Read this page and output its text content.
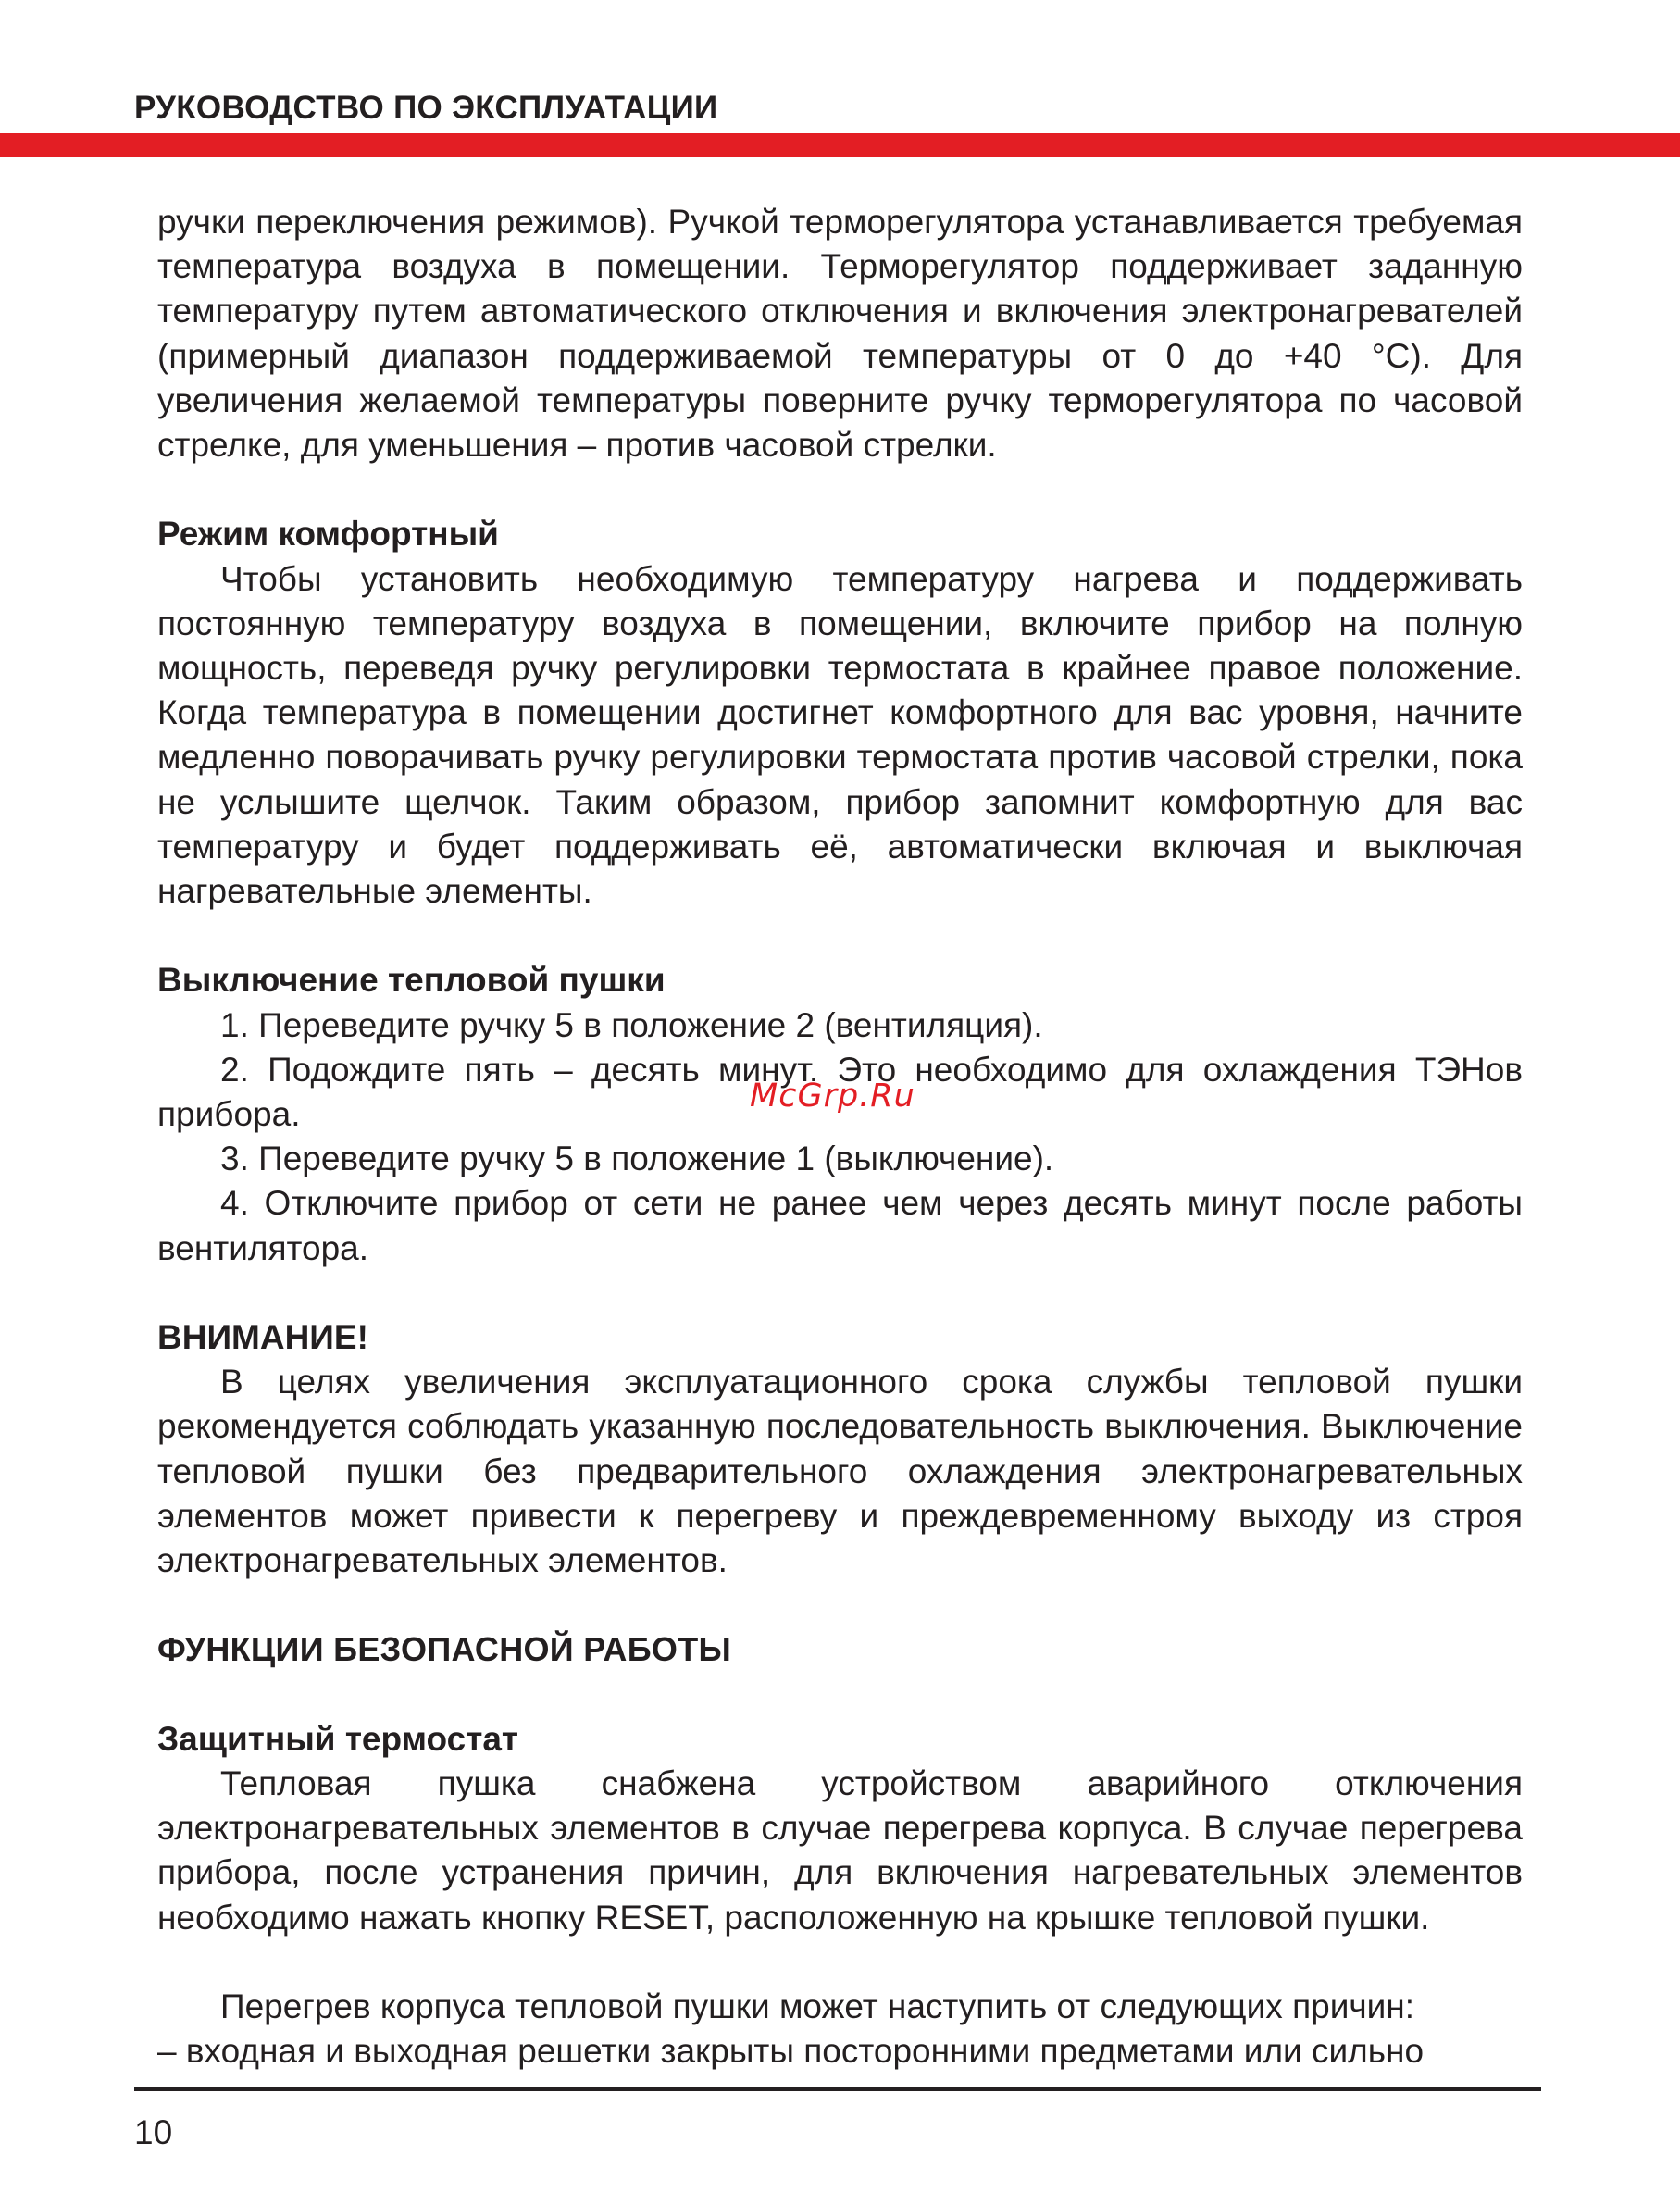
РУКОВОДСТВО ПО ЭКСПЛУАТАЦИИ

ручки переключения режимов). Ручкой терморегулятора устанавливается требуемая температура воздуха в помещении. Терморегулятор поддерживает заданную температуру путем автоматического отключения и включения электронагревателей (примерный диапазон поддерживаемой температуры от 0 до +40 °С). Для увеличения желаемой температуры поверните ручку терморегулятора по часовой стрелке, для уменьшения – против часовой стрелки.

Режим комфортный

Чтобы установить необходимую температуру нагрева и поддерживать постоянную температуру воздуха в помещении, включите прибор на полную мощность, переведя ручку регулировки термостата в крайнее правое положение. Когда температура в помещении достигнет комфортного для вас уровня, начните медленно поворачивать ручку регулировки термостата против часовой стрелки, пока не услышите щелчок. Таким образом, прибор запомнит комфортную для вас температуру и будет поддерживать её, автоматически включая и выключая нагревательные элементы.

Выключение тепловой пушки

1. Переведите ручку 5 в положение 2 (вентиляция).

2. Подождите пять – десять минут. Это необходимо для охлаждения ТЭНов прибора.

3. Переведите ручку 5 в положение 1 (выключение).

4. Отключите прибор от сети не ранее чем через десять минут после работы вентилятора.

ВНИМАНИЕ!

В целях увеличения эксплуатационного срока службы тепловой пушки рекомендуется соблюдать указанную последовательность выключения. Выключение тепловой пушки без предварительного охлаждения электронагревательных элементов может привести к перегреву и преждевременному выходу из строя электронагревательных элементов.

ФУНКЦИИ БЕЗОПАСНОЙ РАБОТЫ

Защитный термостат

Тепловая пушка снабжена устройством аварийного отключения электронагревательных элементов в случае перегрева корпуса. В случае перегрева прибора, после устранения причин, для включения нагревательных элементов необходимо нажать кнопку RESET, расположенную на крышке тепловой пушки.

Перегрев корпуса тепловой пушки может наступить от следующих причин:

– входная и выходная решетки закрыты посторонними предметами или сильно

McGrp.Ru
10
